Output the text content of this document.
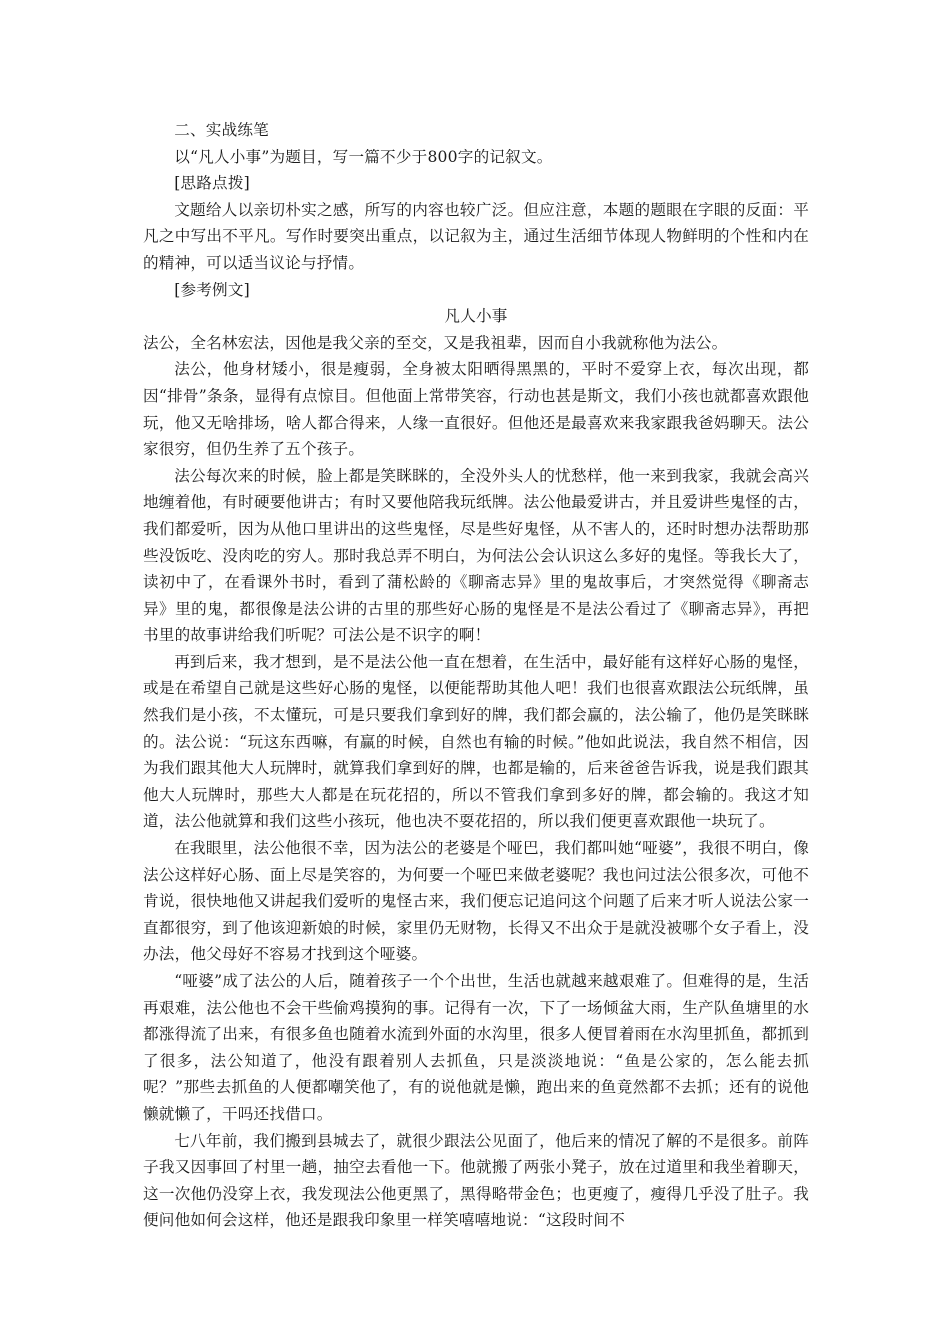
二、实战练笔

以“凡人小事”为题目，写一篇不少于800字的记叙文。

[思路点拨]

文题给人以亲切朴实之感，所写的内容也较广泛。但应注意，本题的题眼在字眼的反面：平凡之中写出不平凡。写作时要突出重点，以记叙为主，通过生活细节体现人物鲜明的个性和内在的精神，可以适当议论与抒情。

[参考例文]

凡人小事

法公，全名林宏法，因他是我父亲的至交，又是我祖辈，因而自小我就称他为法公。

法公，他身材矮小，很是瘦弱，全身被太阳晒得黑黑的，平时不爱穿上衣，每次出现，都因“排骨”条条，显得有点惊目。但他面上常带笑容，行动也甚是斯文，我们小孩也就都喜欢跟他玩，他又无啥排场，啥人都合得来，人缘一直很好。但他还是最喜欢来我家跟我爸妈聊天。法公家很穷，但仍生养了五个孩子。

法公每次来的时候，脸上都是笑眯眯的，全没外头人的忧愁样，他一来到我家，我就会高兴地缠着他，有时硬要他讲古；有时又要他陪我玩纸牌。法公他最爱讲古，并且爱讲些鬼怪的古，我们都爱听，因为从他口里讲出的这些鬼怪，尽是些好鬼怪，从不害人的，还时时想办法帮助那些没饭吃、没肉吃的穷人。那时我总弄不明白，为何法公会认识这么多好的鬼怪。等我长大了，读初中了，在看课外书时，看到了蒲松龄的《聊斋志异》里的鬼故事后，才突然觉得《聊斋志异》里的鬼，都很像是法公讲的古里的那些好心肠的鬼怪是不是法公看过了《聊斋志异》，再把书里的故事讲给我们听呢？可法公是不识字的啊！

再到后来，我才想到，是不是法公他一直在想着，在生活中，最好能有这样好心肠的鬼怪，或是在希望自己就是这些好心肠的鬼怪，以便能帮助其他人吧！我们也很喜欢跟法公玩纸牌，虽然我们是小孩，不太懂玩，可是只要我们拿到好的牌，我们都会赢的，法公输了，他仍是笑眯眯的。法公说：“玩这东西嘛，有赢的时候，自然也有输的时候。”他如此说法，我自然不相信，因为我们跟其他大人玩牌时，就算我们拿到好的牌，也都是输的，后来爸爸告诉我，说是我们跟其他大人玩牌时，那些大人都是在玩花招的，所以不管我们拿到多好的牌，都会输的。我这才知道，法公他就算和我们这些小孩玩，他也决不耍花招的，所以我们便更喜欢跟他一块玩了。

在我眼里，法公他很不幸，因为法公的老婆是个哑巴，我们都叫她“哑婆”，我很不明白，像法公这样好心肠、面上尽是笑容的，为何要一个哑巴来做老婆呢？我也问过法公很多次，可他不肯说，很快地他又讲起我们爱听的鬼怪古来，我们便忘记追问这个问题了后来才听人说法公家一直都很穷，到了他该迎新娘的时候，家里仍无财物，长得又不出众于是就没被哪个女子看上，没办法，他父母好不容易才找到这个哑婆。

“哑婆”成了法公的人后，随着孩子一个个出世，生活也就越来越艰难了。但难得的是，生活再艰难，法公他也不会干些偷鸡摸狗的事。记得有一次，下了一场倾盆大雨，生产队鱼塘里的水都涨得流了出来，有很多鱼也随着水流到外面的水沟里，很多人便冒着雨在水沟里抓鱼，都抓到了很多，法公知道了，他没有跟着别人去抓鱼，只是淡淡地说：“鱼是公家的，怎么能去抓呢？”那些去抓鱼的人便都嘲笑他了，有的说他就是懒，跑出来的鱼竟然都不去抓；还有的说他懒就懒了，干吗还找借口。

七八年前，我们搬到县城去了，就很少跟法公见面了，他后来的情况了解的不是很多。前阵子我又因事回了村里一趟，抽空去看他一下。他就搬了两张小凳子，放在过道里和我坐着聊天，这一次他仍没穿上衣，我发现法公他更黑了，黑得略带金色；也更瘦了，瘦得几乎没了肚子。我便问他如何会这样，他还是跟我印象里一样笑嘻嘻地说：“这段时间不
